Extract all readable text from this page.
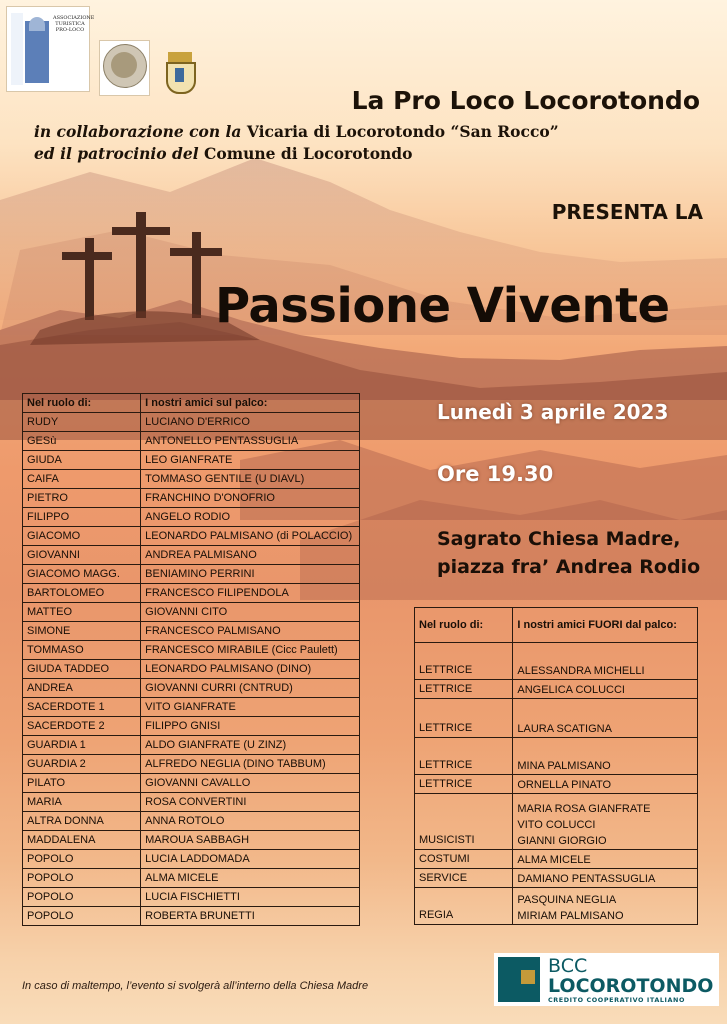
ASSOCIAZIONE TURISTICA PRO-LOCO
La Pro Loco Locorotondo
in collaborazione con la Vicaria di Locorotondo “San Rocco”
ed il patrocinio del Comune di Locorotondo
PRESENTA LA
Passione Vivente
Lunedì 3 aprile 2023
Ore 19.30
Sagrato Chiesa Madre,
piazza fra’ Andrea Rodio
Nel ruolo di:	I nostri amici sul palco:
RUDY	LUCIANO D'ERRICO

GESù	ANTONELLO PENTASSUGLIA

GIUDA	LEO GIANFRATE

CAIFA	TOMMASO GENTILE (U DIAVL)

PIETRO	FRANCHINO D'ONOFRIO

FILIPPO	ANGELO RODIO

GIACOMO	LEONARDO PALMISANO (di POLACCIO)

GIOVANNI	ANDREA PALMISANO

GIACOMO MAGG.	BENIAMINO PERRINI

BARTOLOMEO	FRANCESCO FILIPENDOLA

MATTEO	GIOVANNI CITO

SIMONE	FRANCESCO PALMISANO

TOMMASO	FRANCESCO MIRABILE (Cicc Paulett)

GIUDA TADDEO	LEONARDO PALMISANO (DINO)

ANDREA	GIOVANNI CURRI (CNTRUD)

SACERDOTE 1	VITO GIANFRATE

SACERDOTE 2	FILIPPO GNISI

GUARDIA 1	ALDO GIANFRATE (U ZINZ)

GUARDIA 2	ALFREDO NEGLIA (DINO TABBUM)

PILATO	GIOVANNI CAVALLO

MARIA	ROSA CONVERTINI

ALTRA DONNA	ANNA ROTOLO

MADDALENA	MAROUA SABBAGH

POPOLO	LUCIA LADDOMADA

POPOLO	ALMA MICELE

POPOLO	LUCIA FISCHIETTI

POPOLO	ROBERTA BRUNETTI
Nel ruolo di:	I nostri amici FUORI dal palco:
LETTRICE	ALESSANDRA MICHELLI

LETTRICE	ANGELICA COLUCCI

LETTRICE	LAURA SCATIGNA

LETTRICE	MINA PALMISANO

LETTRICE	ORNELLA PINATO

MUSICISTI	MARIA ROSA GIANFRATE
VITO COLUCCI
GIANNI GIORGIO

COSTUMI	ALMA MICELE

SERVICE	DAMIANO PENTASSUGLIA

REGIA	PASQUINA NEGLIA
MIRIAM PALMISANO
In caso di maltempo, l’evento si svolgerà all’interno della Chiesa Madre
BCC
LOCOROTONDO
CREDITO COOPERATIVO ITALIANO
